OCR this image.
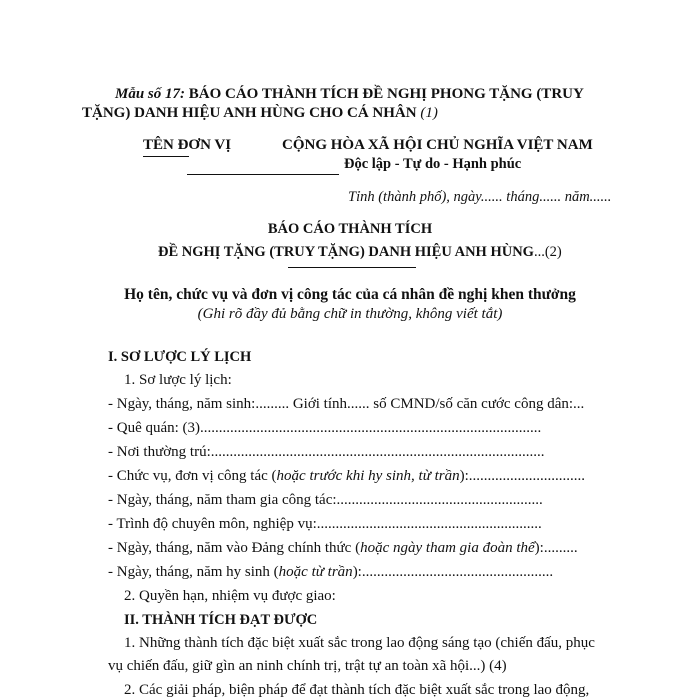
Mẫu số 17: BÁO CÁO THÀNH TÍCH ĐỀ NGHỊ PHONG TẶNG (TRUY
TẶNG) DANH HIỆU ANH HÙNG CHO CÁ NHÂN (1)
TÊN ĐƠN VỊ	CỘNG HÒA XÃ HỘI CHỦ NGHĨA VIỆT NAM
Độc lập - Tự do - Hạnh phúc
Tỉnh (thành phố), ngày...... tháng...... năm......
BÁO CÁO THÀNH TÍCH
ĐỀ NGHỊ TẶNG (TRUY TẶNG) DANH HIỆU ANH HÙNG...(2)
Họ tên, chức vụ và đơn vị công tác của cá nhân đề nghị khen thưởng
(Ghi rõ đầy đủ bằng chữ in thường, không viết tắt)
I. SƠ LƯỢC LÝ LỊCH
1. Sơ lược lý lịch:
- Ngày, tháng, năm sinh:......... Giới tính...... số CMND/số căn cước công dân:...
- Quê quán: (3)...........................................................................................
- Nơi thường trú:.........................................................................................
- Chức vụ, đơn vị công tác (hoặc trước khi hy sinh, từ trần):...............................
- Ngày, tháng, năm tham gia công tác:.......................................................
- Trình độ chuyên môn, nghiệp vụ:............................................................
- Ngày, tháng, năm vào Đảng chính thức (hoặc ngày tham gia đoàn thể):.........
- Ngày, tháng, năm hy sinh (hoặc từ trần):...................................................
2. Quyền hạn, nhiệm vụ được giao:
II. THÀNH TÍCH ĐẠT ĐƯỢC
1. Những thành tích đặc biệt xuất sắc trong lao động sáng tạo (chiến đấu, phục
vụ chiến đấu, giữ gìn an ninh chính trị, trật tự an toàn xã hội...) (4)
2. Các giải pháp, biện pháp để đạt thành tích đặc biệt xuất sắc trong lao động,
